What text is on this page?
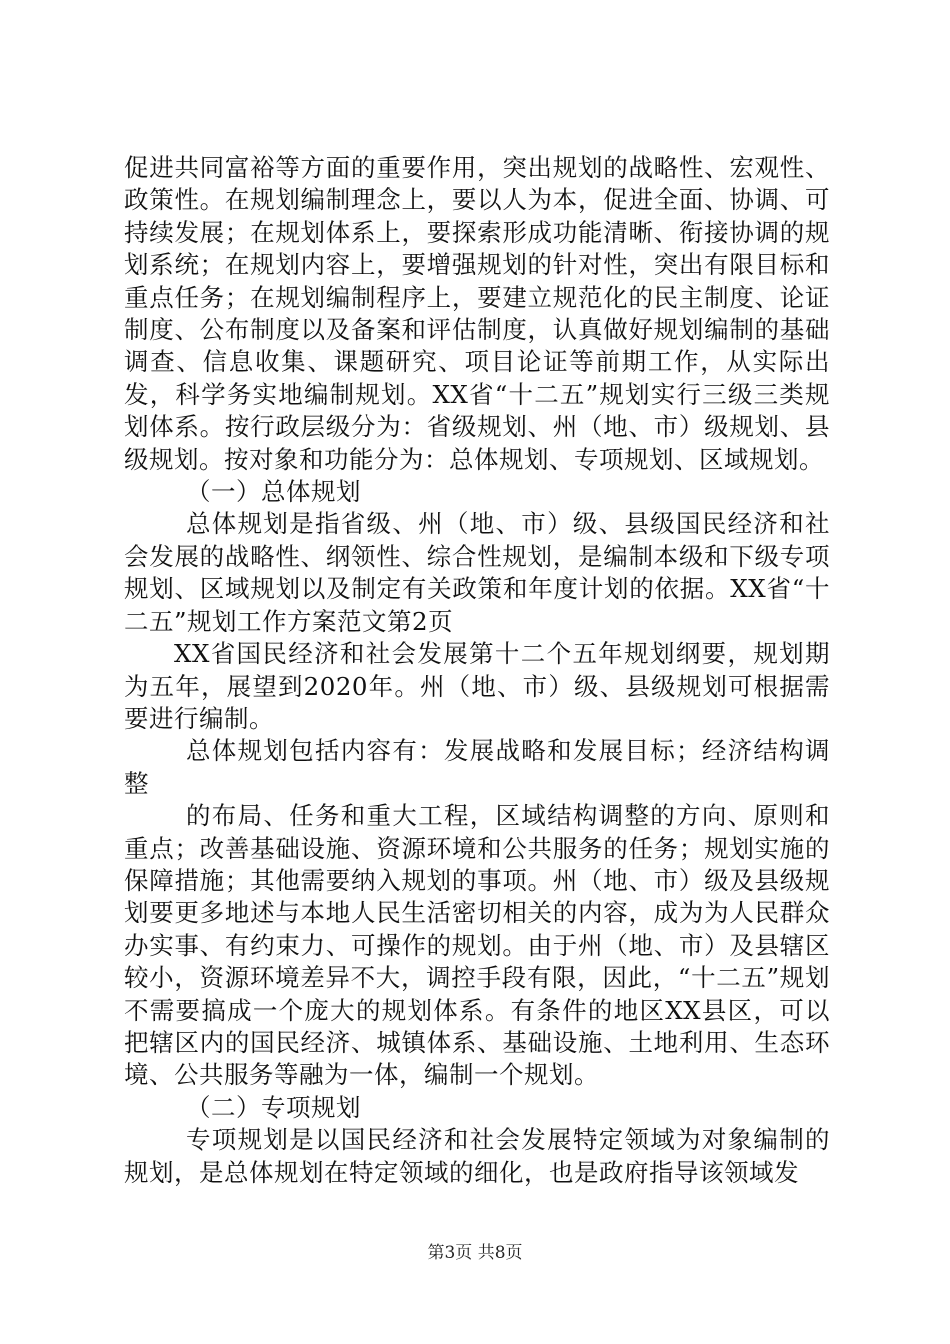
促进共同富裕等方面的重要作用，突出规划的战略性、宏观性、政策性。在规划编制理念上，要以人为本，促进全面、协调、可持续发展；在规划体系上，要探索形成功能清晰、衔接协调的规划系统；在规划内容上，要增强规划的针对性，突出有限目标和重点任务；在规划编制程序上，要建立规范化的民主制度、论证制度、公布制度以及备案和评估制度，认真做好规划编制的基础调查、信息收集、课题研究、项目论证等前期工作，从实际出发，科学务实地编制规划。XX省“十二五”规划实行三级三类规划体系。按行政层级分为：省级规划、州（地、市）级规划、县级规划。按对象和功能分为：总体规划、专项规划、区域规划。

（一）总体规划

总体规划是指省级、州（地、市）级、县级国民经济和社会发展的战略性、纲领性、综合性规划，是编制本级和下级专项规划、区域规划以及制定有关政策和年度计划的依据。XX省“十二五”规划工作方案范文第2页

XX省国民经济和社会发展第十二个五年规划纲要，规划期为五年，展望到2020年。州（地、市）级、县级规划可根据需要进行编制。

总体规划包括内容有：发展战略和发展目标；经济结构调整

的布局、任务和重大工程，区域结构调整的方向、原则和重点；改善基础设施、资源环境和公共服务的任务；规划实施的保障措施；其他需要纳入规划的事项。州（地、市）级及县级规划要更多地述与本地人民生活密切相关的内容，成为为人民群众办实事、有约束力、可操作的规划。由于州（地、市）及县辖区较小，资源环境差异不大，调控手段有限，因此，“十二五”规划不需要搞成一个庞大的规划体系。有条件的地区XX县区，可以把辖区内的国民经济、城镇体系、基础设施、土地利用、生态环境、公共服务等融为一体，编制一个规划。

（二）专项规划

专项规划是以国民经济和社会发展特定领域为对象编制的规划，是总体规划在特定领域的细化，也是政府指导该领域发

第3页 共8页
